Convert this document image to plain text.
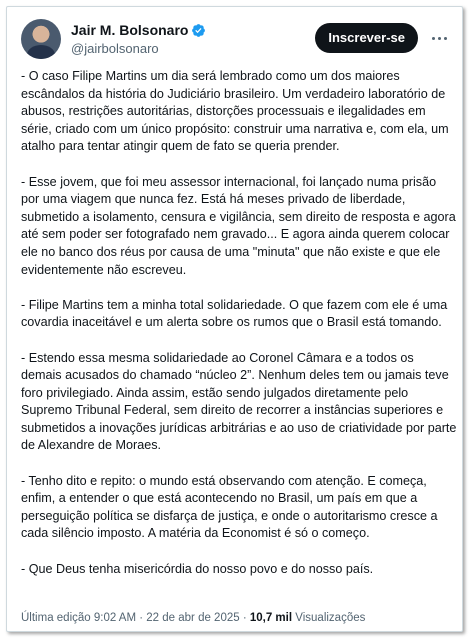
Jair M. Bolsonaro
@jairbolsonaro
Inscrever-se

- O caso Filipe Martins um dia será lembrado como um dos maiores escândalos da história do Judiciário brasileiro. Um verdadeiro laboratório de abusos, restrições autoritárias, distorções processuais e ilegalidades em série, criado com um único propósito: construir uma narrativa e, com ela, um atalho para tentar atingir quem de fato se queria prender.

- Esse jovem, que foi meu assessor internacional, foi lançado numa prisão por uma viagem que nunca fez. Está há meses privado de liberdade, submetido a isolamento, censura e vigilância, sem direito de resposta e agora até sem poder ser fotografado nem gravado... E agora ainda querem colocar ele no banco dos réus por causa de uma "minuta" que não existe e que ele evidentemente não escreveu.

- Filipe Martins tem a minha total solidariedade. O que fazem com ele é uma covardia inaceitável e um alerta sobre os rumos que o Brasil está tomando.

- Estendo essa mesma solidariedade ao Coronel Câmara e a todos os demais acusados do chamado “núcleo 2”. Nenhum deles tem ou jamais teve foro privilegiado. Ainda assim, estão sendo julgados diretamente pelo Supremo Tribunal Federal, sem direito de recorrer a instâncias superiores e submetidos a inovações jurídicas arbitrárias e ao uso de criatividade por parte de Alexandre de Moraes.

- Tenho dito e repito: o mundo está observando com atenção. E começa, enfim, a entender o que está acontecendo no Brasil, um país em que a perseguição política se disfarça de justiça, e onde o autoritarismo cresce a cada silêncio imposto. A matéria da Economist é só o começo.

- Que Deus tenha misericórdia do nosso povo e do nosso país.

Última edição 9:02 AM · 22 de abr de 2025 · 10,7 mil Visualizações
